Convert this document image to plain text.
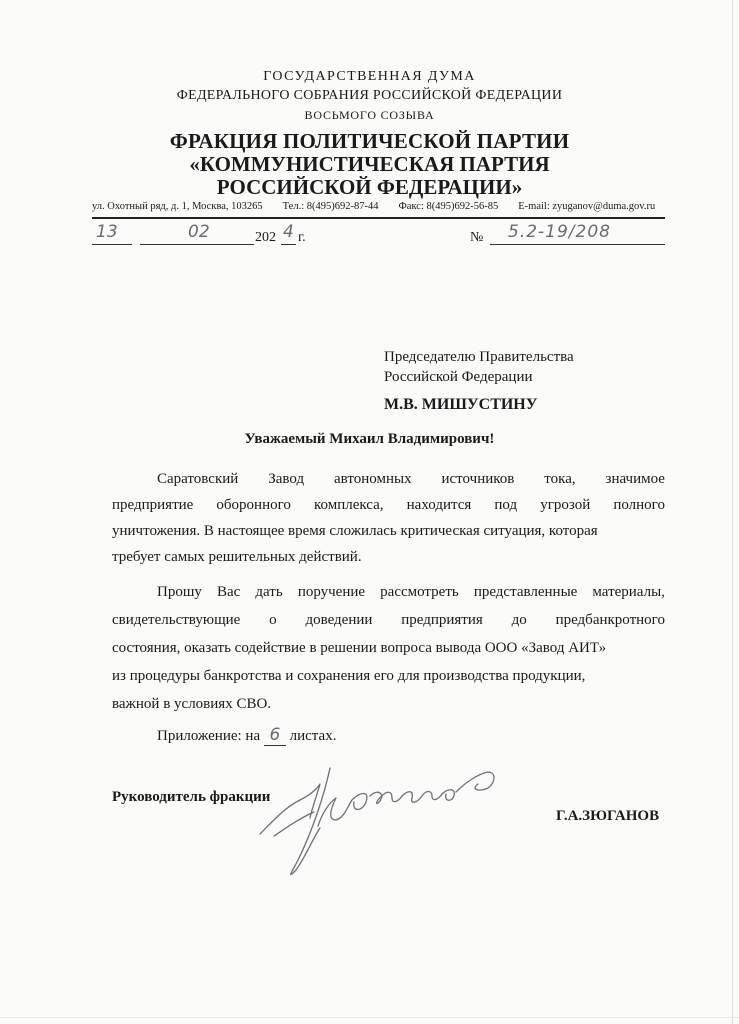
ГОСУДАРСТВЕННАЯ ДУМА
ФЕДЕРАЛЬНОГО СОБРАНИЯ РОССИЙСКОЙ ФЕДЕРАЦИИ
ВОСЬМОГО СОЗЫВА
ФРАКЦИЯ ПОЛИТИЧЕСКОЙ ПАРТИИ
«КОММУНИСТИЧЕСКАЯ ПАРТИЯ
РОССИЙСКОЙ ФЕДЕРАЦИИ»
ул. Охотный ряд, д. 1, Москва, 103265 Тел.: 8(495)692-87-44 Факс: 8(495)692-56-85 E-mail: zyuganov@duma.gov.ru
13	02	202 4 г.	№ 5.2-19/208
Председателю Правительства
Российской Федерации
М.В. МИШУСТИНУ
Уважаемый Михаил Владимирович!
Саратовский Завод автономных источников тока, значимое
предприятие оборонного комплекса, находится под угрозой полного
уничтожения. В настоящее время сложилась критическая ситуация, которая
требует самых решительных действий.
Прошу Вас дать поручение рассмотреть представленные материалы,
свидетельствующие о доведении предприятия до предбанкротного
состояния, оказать содействие в решении вопроса вывода ООО «Завод АИТ»
из процедуры банкротства и сохранения его для производства продукции,
важной в условиях СВО.
Приложение: на 6 листах.
Руководитель фракции
Г.А.ЗЮГАНОВ
